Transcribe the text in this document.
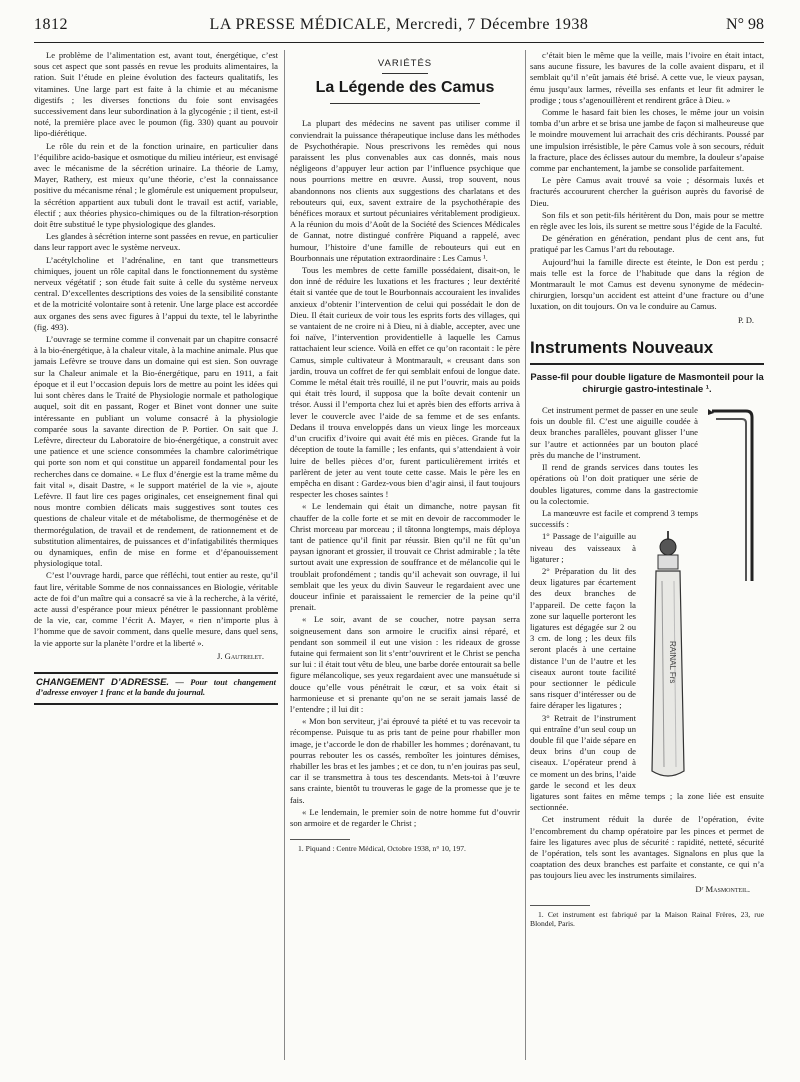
1812	LA PRESSE MÉDICALE, Mercredi, 7 Décembre 1938	N° 98

Le problème de l’alimentation est, avant tout, énergétique, c’est sous cet aspect que sont passés en revue les produits alimentaires, la ration. Suit l’étude en pleine évolution des facteurs qualitatifs, les vitamines. Une large part est faite à la chimie et au mécanisme digestifs ; les diverses fonctions du foie sont envisagées successivement dans leur subordination à la glycogénie ; il tient, est-il noté, la première place avec le poumon (fig. 330) quant au pouvoir lipo-diérétique.

Le rôle du rein et de la fonction urinaire, en particulier dans l’équilibre acido-basique et osmotique du milieu intérieur, est envisagé avec le mécanisme de la sécrétion urinaire. La théorie de Lamy, Mayer, Rathery, est mieux qu’une théorie, c’est la connaissance positive du mécanisme rénal ; le glomérule est uniquement propulseur, la sécrétion appartient aux tubuli dont le travail est actif, variable, électif ; aux théories physico-chimiques ou de la filtration-résorption doit être substitué le type physiologique des glandes.

Les glandes à sécrétion interne sont passées en revue, en particulier dans leur rapport avec le système nerveux.

L’acétylcholine et l’adrénaline, en tant que transmetteurs chimiques, jouent un rôle capital dans le fonctionnement du système nerveux végétatif ; son étude fait suite à celle du système nerveux central. D’excellentes descriptions des voies de la sensibilité constante et de la motricité volontaire sont à retenir. Une large place est accordée aux organes des sens avec figures à l’appui du texte, tel le labyrinthe (fig. 493).

L’ouvrage se termine comme il convenait par un chapitre consacré à la bio-énergétique, à la chaleur vitale, à la machine animale. Plus que jamais Lefèvre se trouve dans un domaine qui est sien. Son ouvrage sur la Chaleur animale et la Bio-énergétique, paru en 1911, a fait époque et il eut l’occasion depuis lors de mettre au point les idées qui lui sont chères dans le Traité de Physiologie normale et pathologique auquel, soit dit en passant, Roger et Binet vont donner une suite intéressante en publiant un volume consacré à la physiologie comparée sous la savante direction de P. Portier. On sait que J. Lefèvre, directeur du Laboratoire de bio-énergétique, a construit avec une patience et une science consommées la chambre calorimétrique qui porte son nom et qui constitue un appareil fondamental pour les recherches dans ce domaine. « Le flux d’énergie est la trame même du fait vital », disait Dastre, « le support matériel de la vie », ajoute Lefèvre. Il faut lire ces pages originales, cet enseignement final qui nous montre combien délicats mais suggestives sont toutes ces questions de chaleur vitale et de métabolisme, de thermogénèse et de thermorégulation, de travail et de rendement, de rationnement et de substitution alimentaires, de puissances et d’infatigabilités thermiques ou dynamiques, enfin de mise en forme et d’épanouissement physiologique total.

C’est l’ouvrage hardi, parce que réfléchi, tout entier au reste, qu’il faut lire, véritable Somme de nos connaissances en Biologie, véritable acte de foi d’un maître qui a consacré sa vie à la recherche, à la vérité, acte aussi d’espérance pour mieux pénétrer le passionnant problème de la vie, car, comme l’écrit A. Mayer, « rien n’importe plus à l’homme que de savoir comment, dans quelle mesure, dans quel sens, la vie apporte sur la planète l’ordre et la liberté ».

J. Gautrelet.
CHANGEMENT D’ADRESSE. — Pour tout changement d’adresse envoyer 1 franc et la bande du journal.
VARIÉTÉS
La Légende des Camus

La plupart des médecins ne savent pas utiliser comme il conviendrait la puissance thérapeutique incluse dans les méthodes de Psychothérapie. Nous prescrivons les remèdes qui nous paraissent les plus convenables aux cas donnés, mais nous négligeons d’appuyer leur action par l’influence psychique que nous pourrions mettre en œuvre. Aussi, trop souvent, nous abandonnons nos clients aux suggestions des charlatans et des rebouteurs qui, eux, savent extraire de la psychothérapie des bénéfices moraux et surtout pécuniaires véritablement prodigieux. A la réunion du mois d’Août de la Société des Sciences Médicales de Gannat, notre distingué confrère Piquand a rappelé, avec humour, l’histoire d’une famille de rebouteurs qui eut en Bourbonnais une réputation extraordinaire : Les Camus ¹.

Tous les membres de cette famille possédaient, disait-on, le don inné de réduire les luxations et les fractures ; leur dextérité était si vantée que de tout le Bourbonnais accouraient les invalides anxieux d’obtenir l’intervention de celui qui possédait le don de Dieu. Il était curieux de voir tous les esprits forts des villages, qui se vantaient de ne croire ni à Dieu, ni à diable, accepter, avec une foi naïve, l’intervention providentielle à laquelle les Camus rattachaient leur science. Voilà en effet ce qu’on racontait : le père Camus, simple cultivateur à Montmarault, « creusant dans son jardin, trouva un coffret de fer qui semblait enfoui de longue date. Comme le métal était très rouillé, il ne put l’ouvrir, mais au poids qui était très lourd, il supposa que la boîte devait contenir un trésor. Aussi il l’emporta chez lui et après bien des efforts arriva à lever le couvercle avec l’aide de sa femme et de ses enfants. Dedans il trouva enveloppés dans un vieux linge les morceaux d’un crucifix d’ivoire qui avait été mis en pièces. Grande fut la déception de toute la famille ; les enfants, qui s’attendaient à voir luire de belles pièces d’or, furent particulièrement irrités et parlèrent de jeter au vent toute cette casse. Mais le père les en empêcha en disant : Gardez-vous bien d’agir ainsi, il faut toujours respecter les choses saintes !

« Le lendemain qui était un dimanche, notre paysan fit chauffer de la colle forte et se mit en devoir de raccommoder le Christ morceau par morceau ; il tâtonna longtemps, mais déploya tant de patience qu’il finit par réussir. Bien qu’il ne fût qu’un paysan ignorant et grossier, il trouvait ce Christ admirable ; la tête surtout avait une expression de souffrance et de mélancolie qui le troublait profondément ; tandis qu’il achevait son ouvrage, il lui semblait que les yeux du divin Sauveur le regardaient avec une douceur infinie et paraissaient le remercier de la peine qu’il prenait.

« Le soir, avant de se coucher, notre paysan serra soigneusement dans son armoire le crucifix ainsi réparé, et pendant son sommeil il eut une vision : les rideaux de grosse futaine qui fermaient son lit s’entr’ouvrirent et le Christ se pencha sur lui : il était tout vêtu de bleu, une barbe dorée entourait sa belle figure mélancolique, ses yeux regardaient avec une mansuétude si douce qu’elle vous pénétrait le cœur, et sa voix était si harmonieuse et si prenante qu’on ne se serait jamais lassé de l’entendre ; il lui dit :

« Mon bon serviteur, j’ai éprouvé ta piété et tu vas recevoir ta récompense. Puisque tu as pris tant de peine pour rhabiller mon image, je t’accorde le don de rhabiller les hommes ; dorénavant, tu pourras rebouter les os cassés, remboîter les jointures démises, rhabiller les bras et les jambes ; et ce don, tu n’en jouiras pas seul, car il se transmettra à tous tes descendants. Mets-toi à l’œuvre sans crainte, bientôt tu trouveras le gage de la promesse que je te fais.

« Le lendemain, le premier soin de notre homme fut d’ouvrir son armoire et de regarder le Christ ;

1. Piquand : Centre Médical, Octobre 1938, n° 10, 197.

c’était bien le même que la veille, mais l’ivoire en était intact, sans aucune fissure, les bavures de la colle avaient disparu, et il semblait qu’il n’eût jamais été brisé. A cette vue, le vieux paysan, ému jusqu’aux larmes, réveilla ses enfants et leur fit admirer le prodige ; tous s’agenouillèrent et rendirent grâce à Dieu. »

Comme le hasard fait bien les choses, le même jour un voisin tomba d’un arbre et se brisa une jambe de façon si malheureuse que le moindre mouvement lui arrachait des cris déchirants. Poussé par une impulsion irrésistible, le père Camus vole à son secours, réduit la fracture, place des éclisses autour du membre, la douleur s’apaise comme par enchantement, la jambe se consolide parfaitement.

Le père Camus avait trouvé sa voie ; désormais luxés et fracturés accoururent chercher la guérison auprès du favorisé de Dieu.

Son fils et son petit-fils héritèrent du Don, mais pour se mettre en règle avec les lois, ils surent se mettre sous l’égide de la Faculté.

De génération en génération, pendant plus de cent ans, fut pratiqué par les Camus l’art du reboutage.

Aujourd’hui la famille directe est éteinte, le Don est perdu ; mais telle est la force de l’habitude que dans la région de Montmarault le mot Camus est devenu synonyme de médecin-chirurgien, lorsqu’un accident est atteint d’une fracture ou d’une luxation, on dit toujours. On va le conduire au Camus.

P. D.
Instruments Nouveaux
Passe-fil pour double ligature de Masmonteil pour la chirurgie gastro-intestinale ¹.

Cet instrument permet de passer en une seule fois un double fil. C’est une aiguille coudée à deux branches parallèles, pouvant glisser l’une sur l’autre et actionnées par un bouton placé près du manche de l’instrument.

Il rend de grands services dans toutes les opérations où l’on doit pratiquer une série de doubles ligatures, comme dans la gastrectomie ou la colectomie.

La manœuvre est facile et comprend 3 temps successifs :

RAINAL Frs

1° Passage de l’aiguille au niveau des vaisseaux à ligaturer ;

2° Préparation du lit des deux ligatures par écartement des deux branches de l’appareil. De cette façon la zone sur laquelle porteront les ligatures est dégagée sur 2 ou 3 cm. de long ; les deux fils seront placés à une certaine distance l’un de l’autre et les ciseaux auront toute facilité pour sectionner le pédicule sans risquer d’intéresser ou de faire déraper les ligatures ;

3° Retrait de l’instrument qui entraîne d’un seul coup un double fil que l’aide sépare en deux brins d’un coup de ciseaux. L’opérateur prend à ce moment un des brins, l’aide garde le second et les deux ligatures sont faites en même temps ; la zone liée est ensuite sectionnée.

Cet instrument réduit la durée de l’opération, évite l’encombrement du champ opératoire par les pinces et permet de faire les ligatures avec plus de sécurité : rapidité, netteté, sécurité de l’opération, tels sont les avantages. Signalons en plus que la coaptation des deux branches est parfaite et constante, ce qui n’a pas toujours lieu avec les instruments similaires.

Dʳ Masmonteil.
1. Cet instrument est fabriqué par la Maison Rainal Frères, 23, rue Blondel, Paris.
